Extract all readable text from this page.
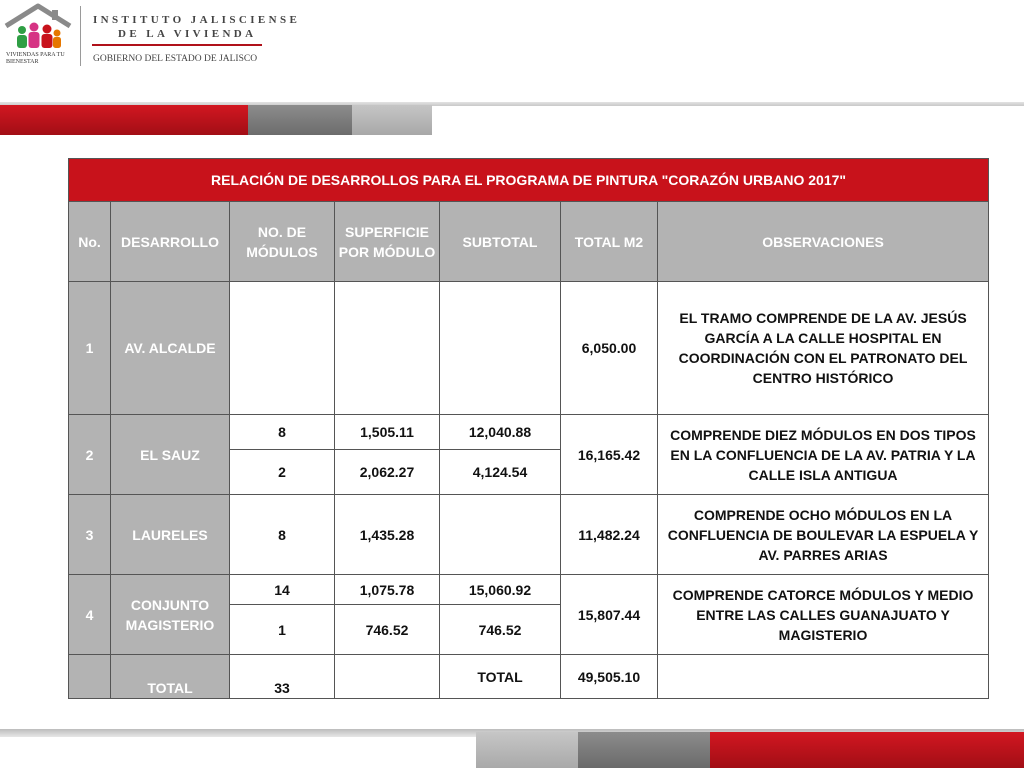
VIVIENDAS PARA TU BIENESTAR
INSTITUTO JALISCIENSE
DE LA VIVIENDA
GOBIERNO DEL ESTADO DE JALISCO
RELACIÓN DE DESARROLLOS PARA EL PROGRAMA DE PINTURA "CORAZÓN URBANO 2017"						
No.	DESARROLLO	NO. DE MÓDULOS	SUPERFICIE POR MÓDULO	SUBTOTAL	TOTAL M2	OBSERVACIONES
1	AV. ALCALDE				6,050.00	EL TRAMO COMPRENDE DE LA AV. JESÚS GARCÍA A LA CALLE HOSPITAL EN COORDINACIÓN CON EL PATRONATO DEL CENTRO HISTÓRICO
2	EL SAUZ	8	1,505.11	12,040.88	16,165.42	COMPRENDE DIEZ MÓDULOS EN DOS TIPOS EN LA CONFLUENCIA DE LA AV. PATRIA Y LA CALLE ISLA ANTIGUA
		2	2,062.27	4,124.54		
3	LAURELES	8	1,435.28		11,482.24	COMPRENDE OCHO MÓDULOS EN LA CONFLUENCIA DE BOULEVAR LA ESPUELA Y AV. PARRES ARIAS
4	CONJUNTO MAGISTERIO	14	1,075.78	15,060.92	15,807.44	COMPRENDE CATORCE MÓDULOS Y MEDIO ENTRE LAS CALLES GUANAJUATO Y MAGISTERIO
		1	746.52	746.52		
	TOTAL	33		TOTAL	49,505.10	
